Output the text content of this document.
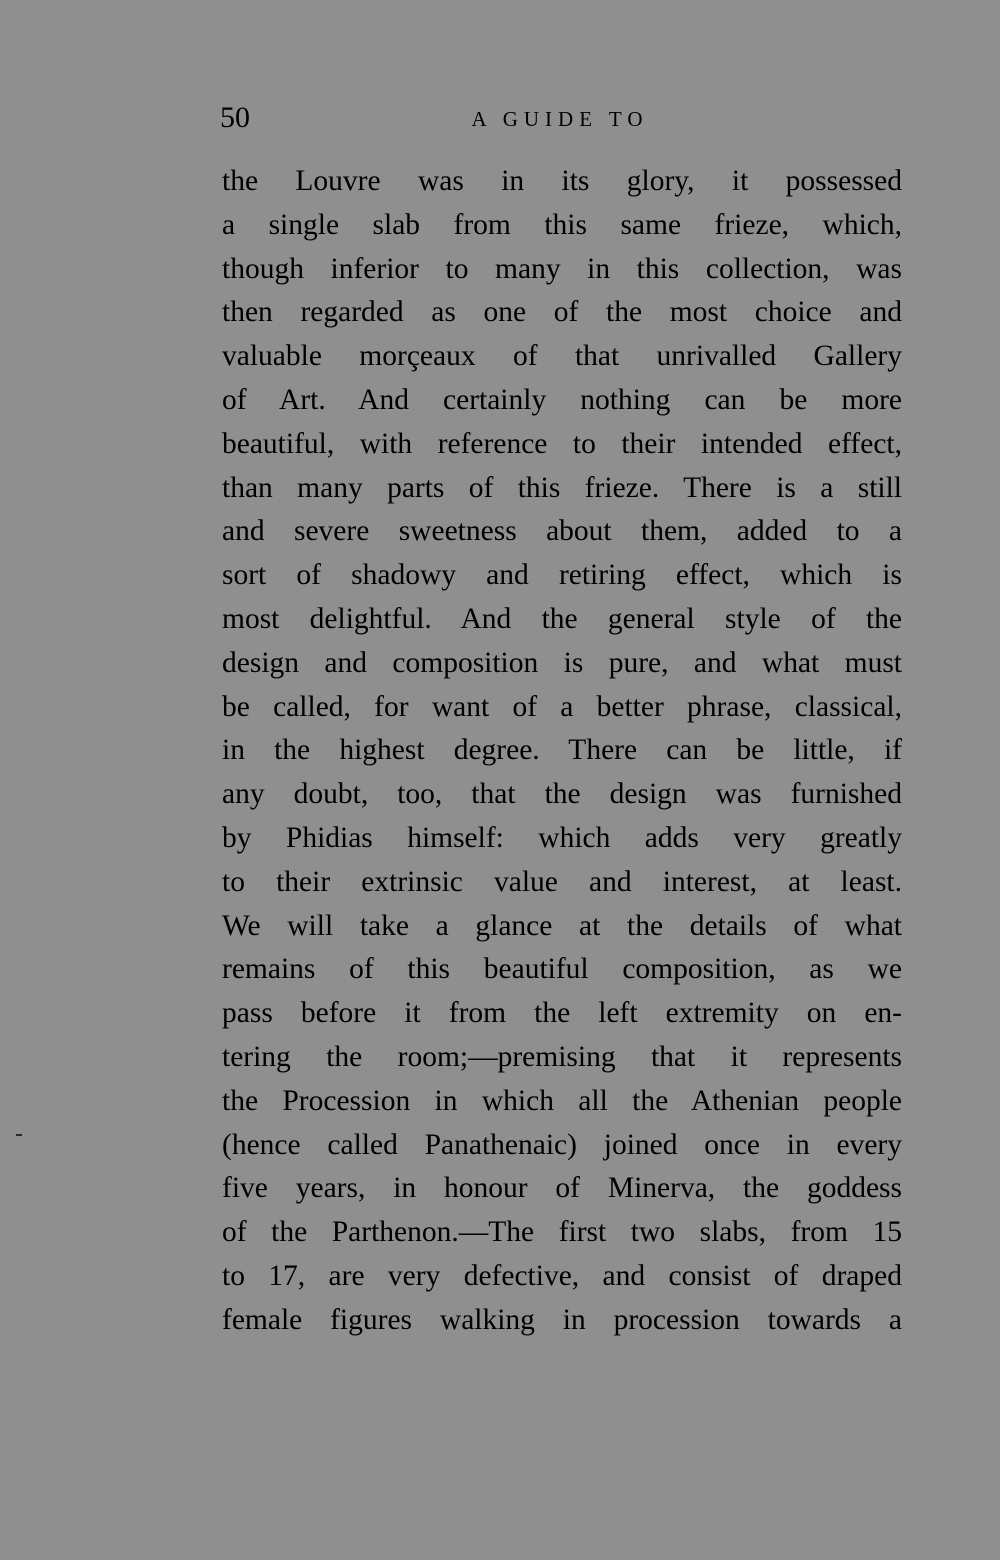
50	A GUIDE TO
the Louvre was in its glory, it possessed
a single slab from this same frieze, which,
though inferior to many in this collection, was
then regarded as one of the most choice and
valuable morçeaux of that unrivalled Gallery
of Art. And certainly nothing can be more
beautiful, with reference to their intended effect,
than many parts of this frieze. There is a still
and severe sweetness about them, added to a
sort of shadowy and retiring effect, which is
most delightful. And the general style of the
design and composition is pure, and what must
be called, for want of a better phrase, classical,
in the highest degree. There can be little, if
any doubt, too, that the design was furnished
by Phidias himself: which adds very greatly
to their extrinsic value and interest, at least.
We will take a glance at the details of what
remains of this beautiful composition, as we
pass before it from the left extremity on en-
tering the room;—premising that it represents
the Procession in which all the Athenian people
(hence called Panathenaic) joined once in every
five years, in honour of Minerva, the goddess
of the Parthenon.—The first two slabs, from 15
to 17, are very defective, and consist of draped
female figures walking in procession towards a
